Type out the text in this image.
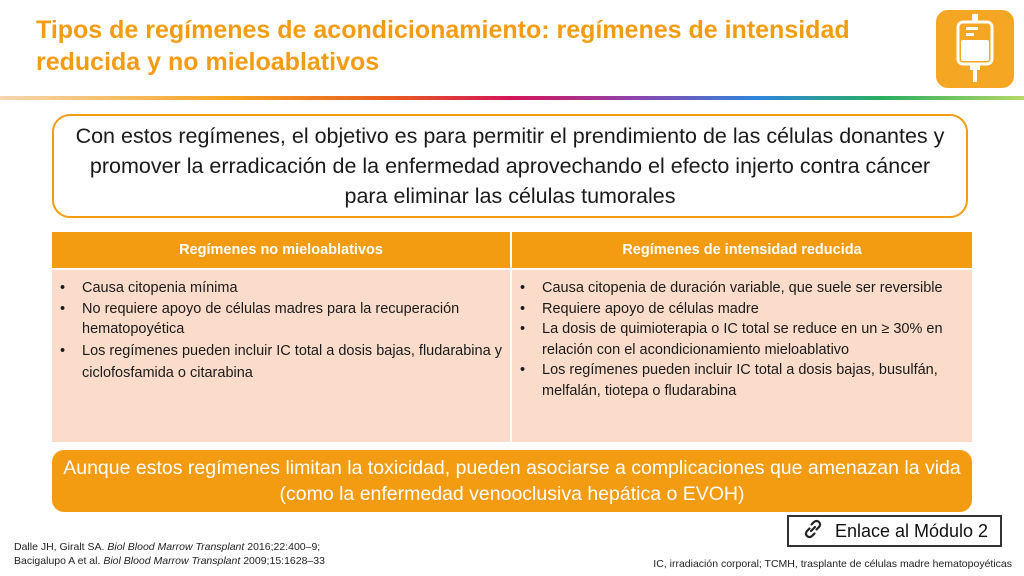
Tipos de regímenes de acondicionamiento: regímenes de intensidad reducida y no mieloablativos
Con estos regímenes, el objetivo es para permitir el prendimiento de las células donantes y promover la erradicación de la enfermedad aprovechando el efecto injerto contra cáncer para eliminar las células tumorales
Regímenes no mieloablativos	Regímenes de intensidad reducida
• Causa citopenia mínima
• No requiere apoyo de células madres para la recuperación hematopoyética
• Los regímenes pueden incluir IC total a dosis bajas, fludarabina y ciclofosfamida o citarabina
• Causa citopenia de duración variable, que suele ser reversible
• Requiere apoyo de células madre
• La dosis de quimioterapia o IC total se reduce en un ≥ 30% en relación con el acondicionamiento mieloablativo
• Los regímenes pueden incluir IC total a dosis bajas, busulfán, melfalán, tiotepa o fludarabina
Aunque estos regímenes limitan la toxicidad, pueden asociarse a complicaciones que amenazan la vida (como la enfermedad venooclusiva hepática o EVOH)
Enlace al Módulo 2
Dalle JH, Giralt SA. Biol Blood Marrow Transplant 2016;22:400–9;
Bacigalupo A et al. Biol Blood Marrow Transplant 2009;15:1628–33	IC, irradiación corporal; TCMH, trasplante de células madre hematopoyéticas
